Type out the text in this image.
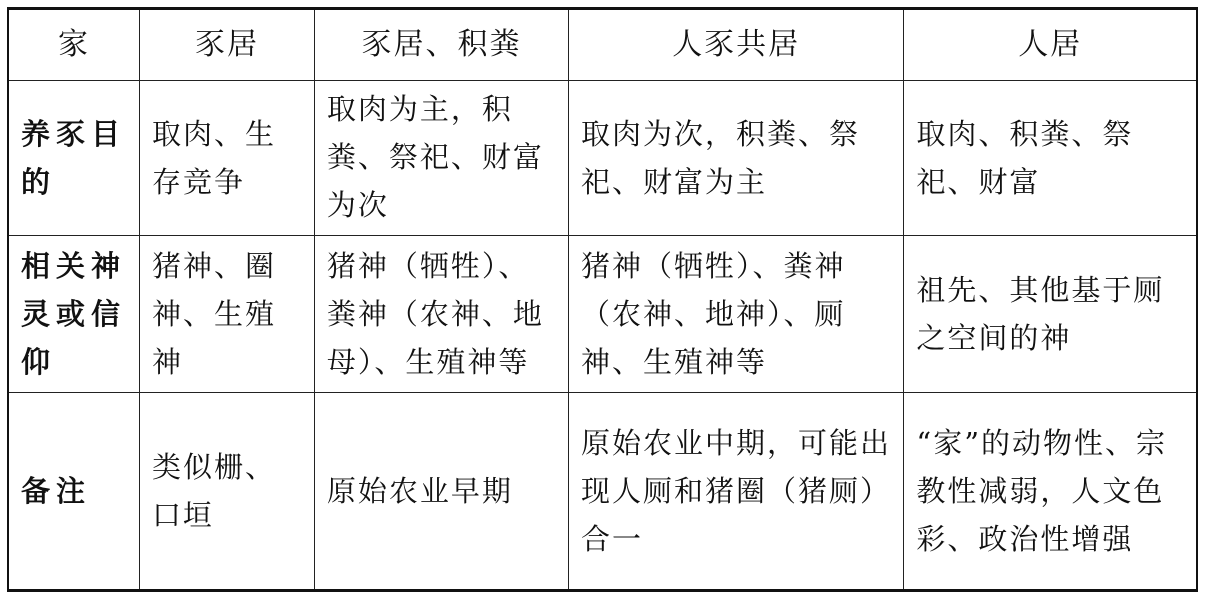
家	豕居	豕居、积粪	人豕共居	人居
养豕目的	取肉、生存竞争	取肉为主，积粪、祭祀、财富为次	取肉为次，积粪、祭祀、财富为主	取肉、积粪、祭祀、财富
相关神灵或信仰	猪神、圈神、生殖神	猪神（牺牲）、粪神（农神、地母）、生殖神等	猪神（牺牲）、粪神（农神、地神）、厕神、生殖神等	祖先、其他基于厕之空间的神
备注	类似栅、口垣	原始农业早期	原始农业中期，可能出现人厕和猪圈（猪厕）合一	“家”的动物性、宗教性减弱，人文色彩、政治性增强
